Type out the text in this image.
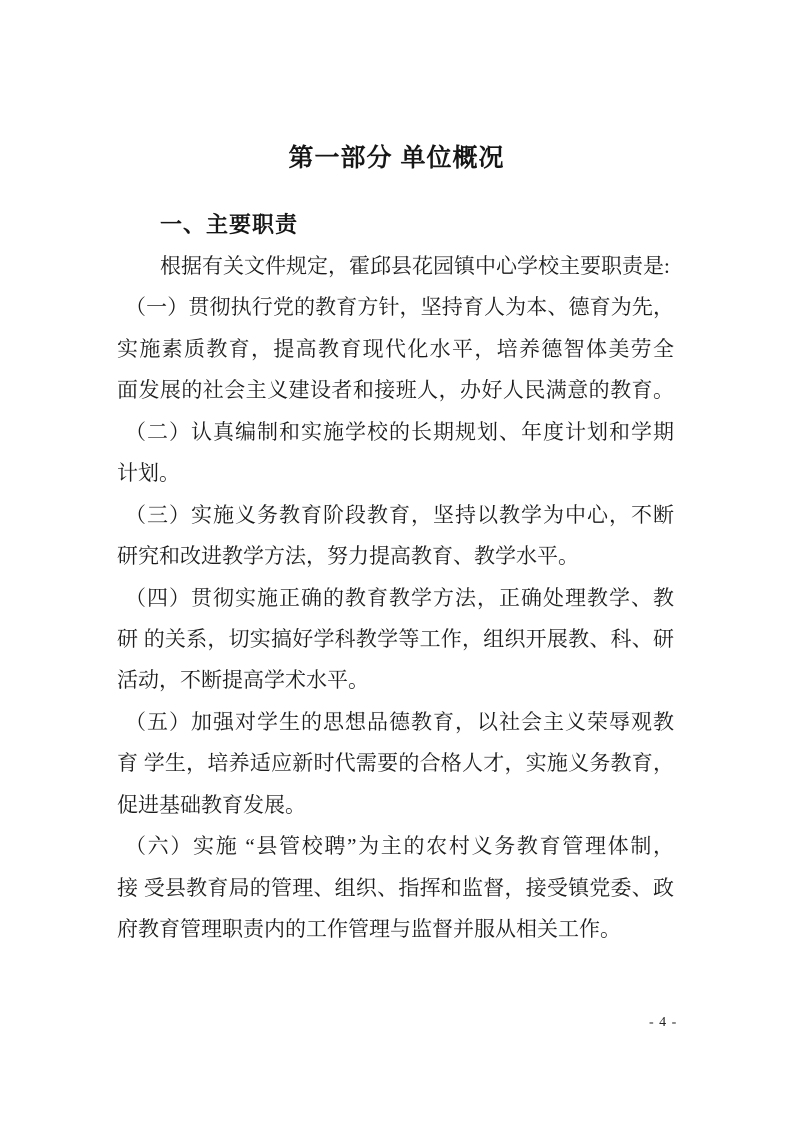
第一部分 单位概况
一、主要职责
根据有关文件规定，霍邱县花园镇中心学校主要职责是:
（一）贯彻执行党的教育方针，坚持育人为本、德育为先，
实施素质教育，提高教育现代化水平，培养德智体美劳全
面发展的社会主义建设者和接班人，办好人民满意的教育。
（二）认真编制和实施学校的长期规划、年度计划和学期
计划。
（三）实施义务教育阶段教育，坚持以教学为中心，不断
研究和改进教学方法，努力提高教育、教学水平。
（四）贯彻实施正确的教育教学方法，正确处理教学、教
研 的关系，切实搞好学科教学等工作，组织开展教、科、研
活动，不断提高学术水平。
（五）加强对学生的思想品德教育，以社会主义荣辱观教
育 学生，培养适应新时代需要的合格人才，实施义务教育，
促进基础教育发展。
（六）实施 “县管校聘”为主的农村义务教育管理体制，
接 受县教育局的管理、组织、指挥和监督，接受镇党委、政
府教育管理职责内的工作管理与监督并服从相关工作。
- 4 -
